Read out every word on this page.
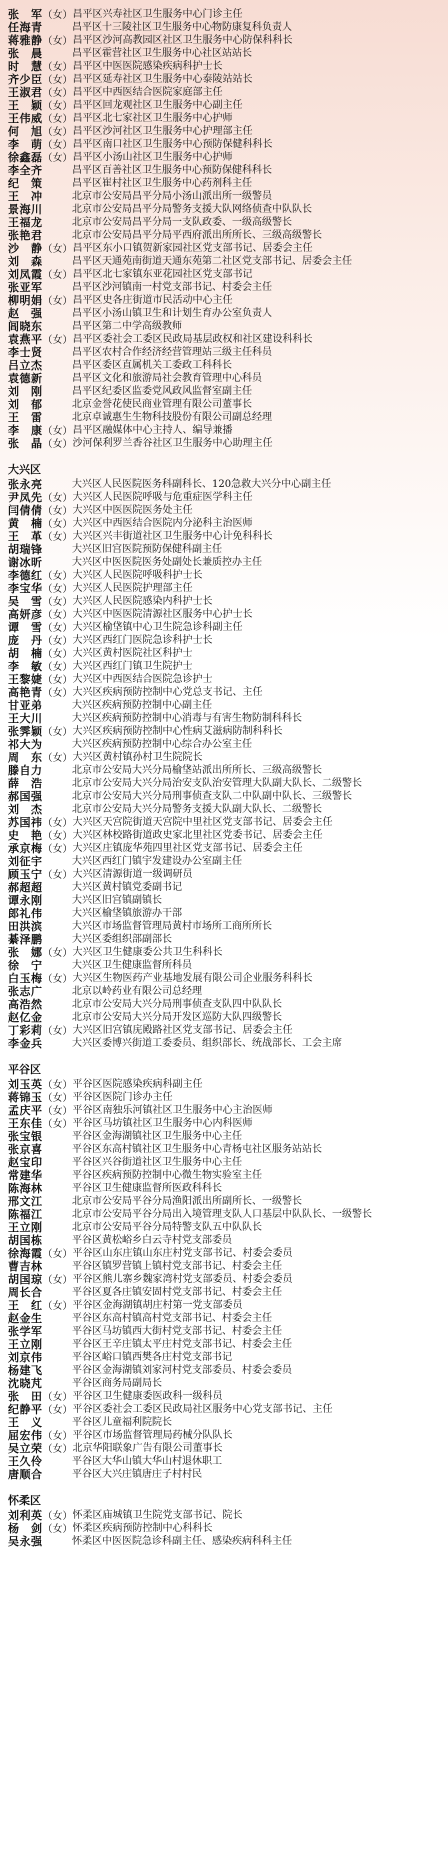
张　军（女） 昌平区兴寿社区卫生服务中心门诊主任
任海青	昌平区十三陵社区卫生服务中心物防康复科负责人
蒋雅静（女） 昌平区沙河高教园区社区卫生服务中心防保科科长
张　晨	昌平区霍营社区卫生服务中心社区站站长
时　慧（女） 昌平区中医医院感染疾病科护士长
齐少臣（女） 昌平区延寿社区卫生服务中心泰陵站站长
王淑君（女） 昌平区中西医结合医院家庭部主任
王　颖（女） 昌平区回龙观社区卫生服务中心副主任
王伟威（女） 昌平区北七家社区卫生服务中心护师
何　旭（女） 昌平区沙河社区卫生服务中心护理部主任
李　萌（女） 昌平区南口社区卫生服务中心预防保健科科长
徐鑫磊（女） 昌平区小汤山社区卫生服务中心护师
李全齐	昌平区百善社区卫生服务中心预防保健科科长
纪　策	昌平区崔村社区卫生服务中心药剂科主任
王　冲	北京市公安局昌平分局小汤山派出所一级警员
景海川	北京市公安局昌平分局警务支援大队网络侦查中队队长
王福龙	北京市公安局昌平分局一支队政委、一级高级警长
张艳君	北京市公安局昌平分局平西府派出所所长、三级高级警长
沙　静（女） 昌平区东小口镇贺新家园社区党支部书记、居委会主任
刘　森	昌平区天通苑南街道天通东苑第二社区党支部书记、居委会主任
刘凤霞（女） 昌平区北七家镇东亚花园社区党支部书记
张亚军	昌平区沙河镇南一村党支部书记、村委会主任
柳明娟（女） 昌平区史各庄街道市民活动中心主任
赵　强	昌平区小汤山镇卫生和计划生育办公室负责人
闾晓东	昌平区第二中学高级教师
袁燕平（女） 昌平区委社会工委区民政局基层政权和社区建设科科长
李士贤	昌平区农村合作经济经营管理站三级主任科员
吕立杰	昌平区委区直属机关工委政工科科长
袁德新	昌平区文化和旅游局社会教育管理中心科员
刘　刚	昌平区纪委区监委党风政风监督室副主任
刘　郁	北京金誉花使民商业管理有限公司董事长
王　雷	北京卓诚惠生生物科技股份有限公司副总经理
李　康（女） 昌平区融媒体中心主持人、编导兼播
张　晶（女） 沙河保利罗兰香谷社区卫生服务中心助理主任
大兴区
张永亮	大兴区人民医院医务科副科长、120急救大兴分中心副主任
尹凤先（女） 大兴区人民医院呼吸与危重症医学科主任
闫倩倩（女） 大兴区中医医院医务处主任
黄　楠（女） 大兴区中西医结合医院内分泌科主治医师
王　革（女） 大兴区兴丰街道社区卫生服务中心计免科科长
胡瑞锋	大兴区旧宫医院预防保健科副主任
谢冰昕	大兴区中医医院医务处副处长兼质控办主任
李德红（女） 大兴区人民医院呼吸科护士长
李宝华（女） 大兴区人民医院护理部主任
吴　雪（女） 大兴区人民医院感染内科护士长
高妍彦（女） 大兴区中医医院清源社区服务中心护士长
谭　雪（女） 大兴区榆垡镇中心卫生院急诊科副主任
庞　丹（女） 大兴区西红门医院急诊科护士长
胡　楠（女） 大兴区黄村医院社区科护士
李　敏（女） 大兴区西红门镇卫生院护士
王黎婕（女） 大兴区中西医结合医院急诊护士
高艳青（女） 大兴区疾病预防控制中心党总支书记、主任
甘亚弟	大兴区疾病预防控制中心副主任
王大川	大兴区疾病预防控制中心消毒与有害生物防制科科长
张霁颖（女） 大兴区疾病预防控制中心性病艾滋病防制科科长
祁大为	大兴区疾病预防控制中心综合办公室主任
周　东（女） 大兴区黄村镇孙村卫生院院长
滕自力	北京市公安局大兴分局榆垡站派出所所长、三级高级警长
薛　浩	北京市公安局大兴分局治安支队治安管理大队副大队长、二级警长
郝国强	北京市公安局大兴分局刑事侦查支队二中队副中队长、三级警长
刘　杰	北京市公安局大兴分局警务支援大队副大队长、二级警长
苏国祎（女） 大兴区天宫院街道天宫院中里社区党支部书记、居委会主任
史　艳（女） 大兴区林校路街道政史家北里社区党委书记、居委会主任
承京梅（女） 大兴区庄镇庞华苑四里社区党支部书记、居委会主任
刘征宇	大兴区西红门镇宇发建设办公室副主任
顾玉宁（女） 大兴区清源街道一级调研员
郝超超	大兴区黄村镇党委副书记
谭永刚	大兴区旧宫镇副镇长
郎礼伟	大兴区榆垡镇旅游办干部
田洪滨	大兴区市场监督管理局黄村市场所工商所所长
綦泽鹏	大兴区委组织部副部长
张　娜（女） 大兴区卫生健康委公共卫生科科长
徐　宁	大兴区卫生健康监督所科员
白玉梅（女） 大兴区生物医药产业基地发展有限公司企业服务科科长
张志广	北京以岭药业有限公司总经理
高浩然	北京市公安局大兴分局刑事侦查支队四中队队长
赵亿金	北京市公安局大兴分局开发区巡防大队四级警长
丁彩莉（女） 大兴区旧宫镇庑殿路社区党支部书记、居委会主任
李金兵	大兴区委博兴街道工委委员、组织部长、统战部长、工会主席
平谷区
刘玉英（女） 平谷区医院感染疾病科副主任
蒋锦玉（女） 平谷区医院门诊办主任
孟庆平（女） 平谷区南独乐河镇社区卫生服务中心主治医师
王东佳（女） 平谷区马坊镇社区卫生服务中心内科医师
张宝银	平谷区金海湖镇社区卫生服务中心主任
张京喜	平谷区东高村镇社区卫生服务中心青杨屯社区服务站站长
赵宝印	平谷区兴谷街道社区卫生服务中心主任
常建华	平谷区疾病预防控制中心微生物实验室主任
陈海林	平谷区卫生健康监督所医政科科长
邢文江	北京市公安局平谷分局渔阳派出所副所长、一级警长
陈福江	北京市公安局平谷分局出入境管理支队人口基层中队队长、一级警长
王立刚	北京市公安局平谷分局特警支队五中队队长
胡国栋	平谷区黄松峪乡白云寺村党支部委员
徐海霞（女） 平谷区山东庄镇山东庄村党支部书记、村委会委员
曹吉林	平谷区镇罗营镇上镇村党支部书记、村委会主任
胡国琼（女） 平谷区熊儿寨乡魏家湾村党支部委员、村委会委员
周长合	平谷区夏各庄镇安固村党支部书记、村委会主任
王　红（女） 平谷区金海湖镇胡庄村第一党支部委员
赵金生	平谷区东高村镇高村党支部书记、村委会主任
张学军	平谷区马坊镇西大街村党支部书记、村委会主任
王立刚	平谷区王辛庄镇太平庄村党支部书记、村委会主任
刘京伟	平谷区峪口镇西樊各庄村党支部书记
杨建飞	平谷区金海湖镇刘家河村党支部委员、村委会委员
沈晓芃	平谷区商务局副局长
张　田（女） 平谷区卫生健康委医政科一级科员
纪静平（女） 平谷区委社会工委区民政局社区服务中心党支部书记、主任
王　义	平谷区儿童福利院院长
屈宏伟（女） 平谷区市场监督管理局药械分队队长
吴立荣（女） 北京华阳联象广告有限公司董事长
王久伶	平谷区大华山镇大华山村退休职工
唐顺合	平谷区大兴庄镇唐庄子村村民
怀柔区
刘利英（女） 怀柔区庙城镇卫生院党支部书记、院长
杨　剑（女） 怀柔区疾病预防控制中心科科长
吴永强	怀柔区中医医院急诊科副主任、感染疾病科科主任
